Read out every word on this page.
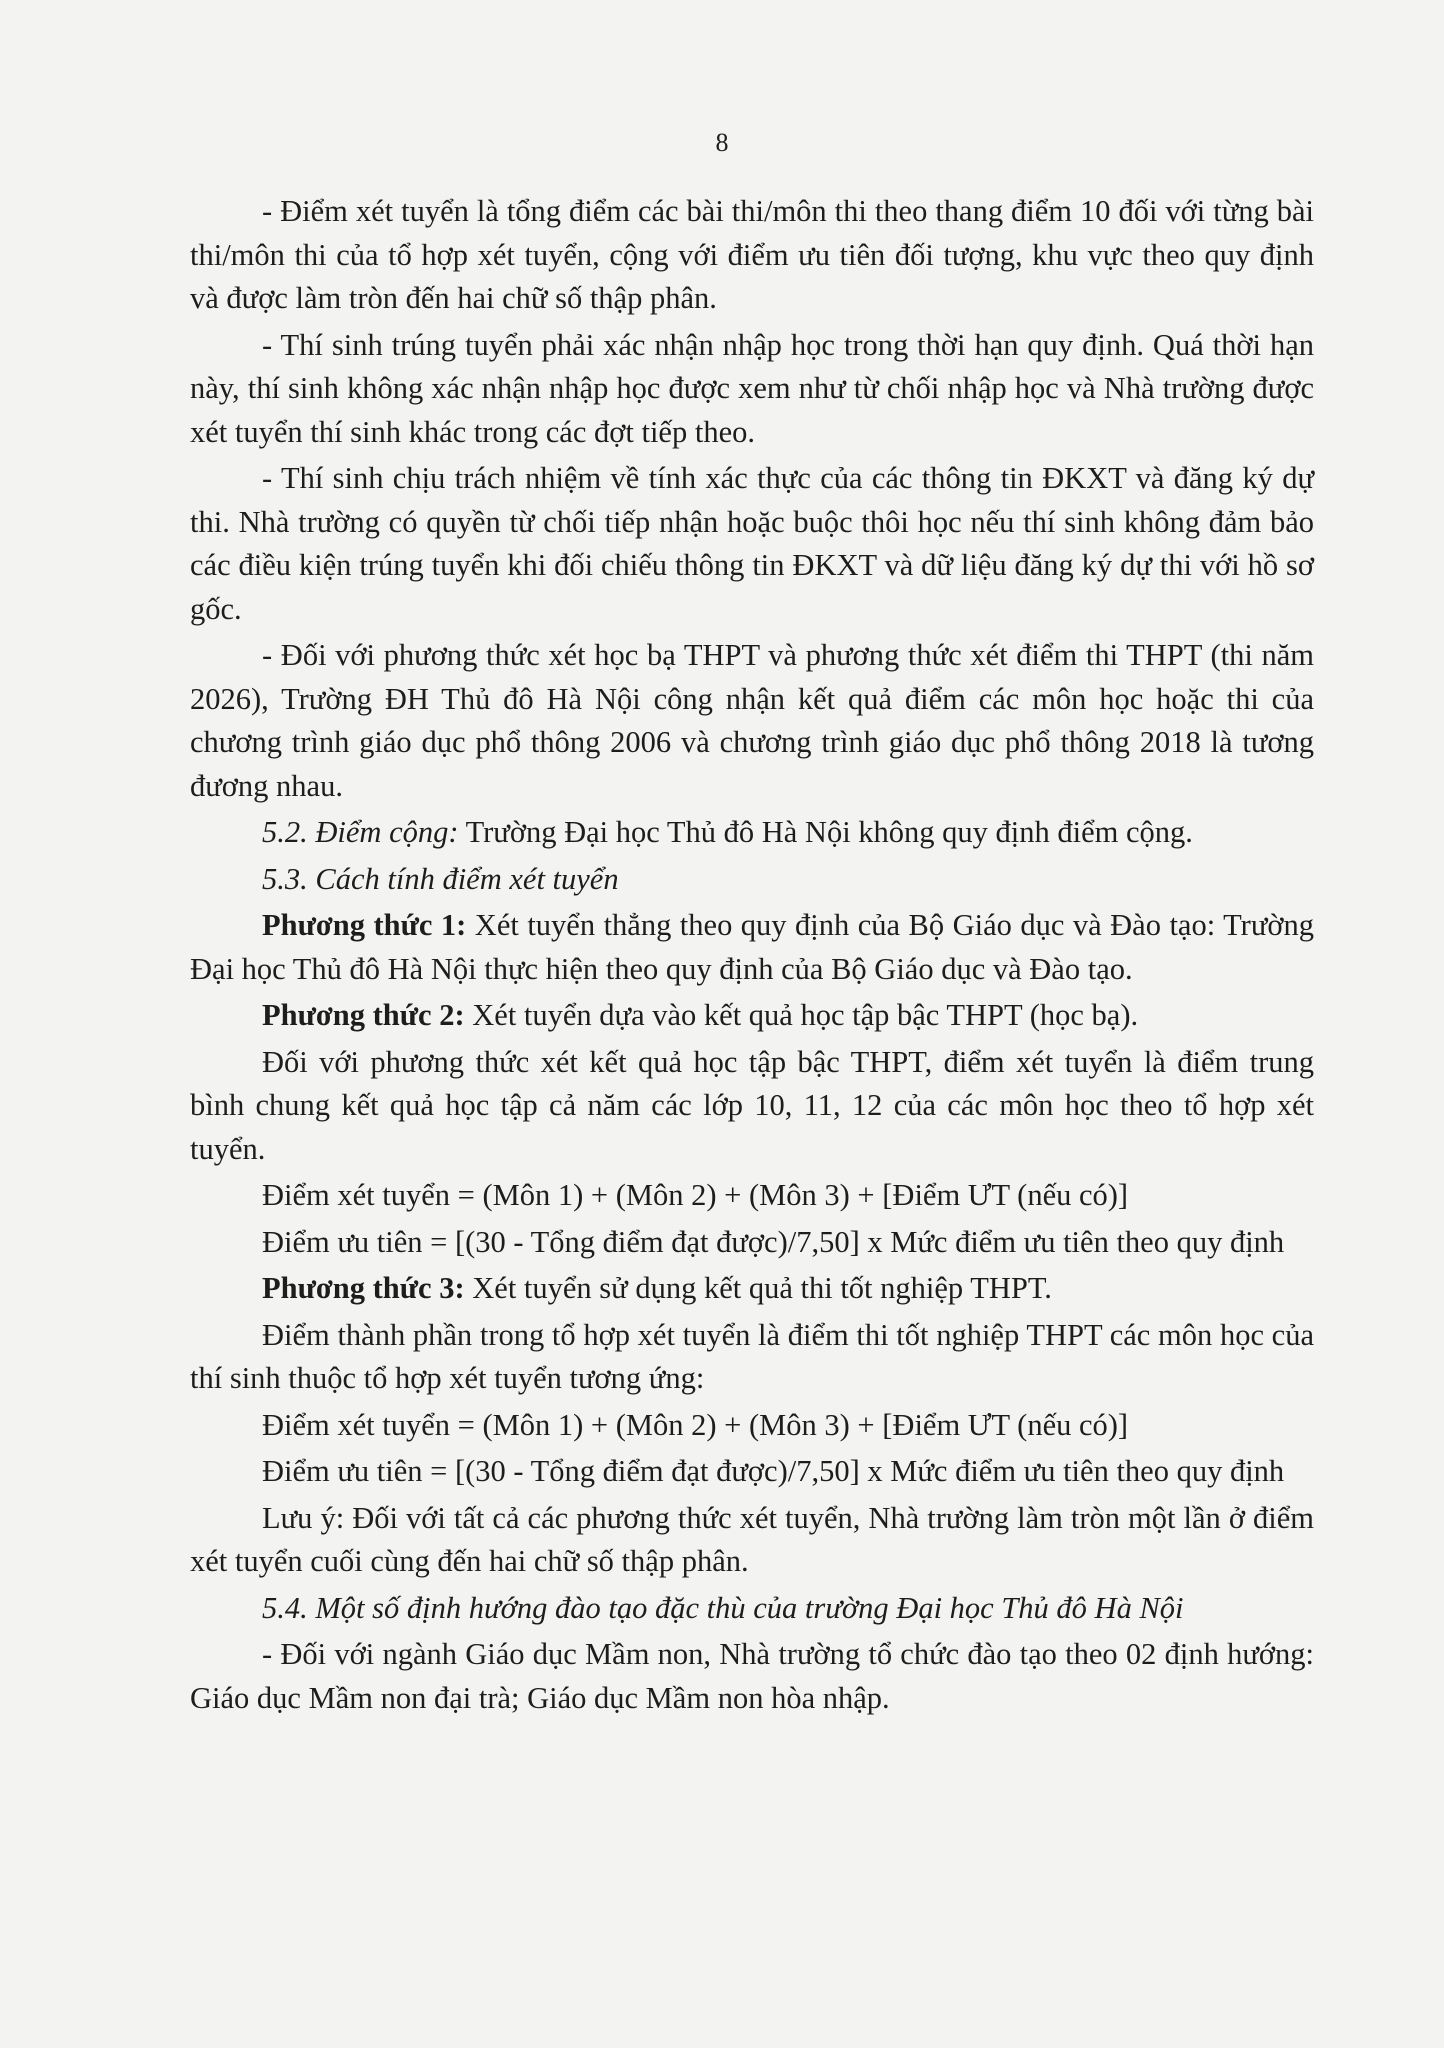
8

- Điểm xét tuyển là tổng điểm các bài thi/môn thi theo thang điểm 10 đối với từng bài thi/môn thi của tổ hợp xét tuyển, cộng với điểm ưu tiên đối tượng, khu vực theo quy định và được làm tròn đến hai chữ số thập phân.

- Thí sinh trúng tuyển phải xác nhận nhập học trong thời hạn quy định. Quá thời hạn này, thí sinh không xác nhận nhập học được xem như từ chối nhập học và Nhà trường được xét tuyển thí sinh khác trong các đợt tiếp theo.

- Thí sinh chịu trách nhiệm về tính xác thực của các thông tin ĐKXT và đăng ký dự thi. Nhà trường có quyền từ chối tiếp nhận hoặc buộc thôi học nếu thí sinh không đảm bảo các điều kiện trúng tuyển khi đối chiếu thông tin ĐKXT và dữ liệu đăng ký dự thi với hồ sơ gốc.

- Đối với phương thức xét học bạ THPT và phương thức xét điểm thi THPT (thi năm 2026), Trường ĐH Thủ đô Hà Nội công nhận kết quả điểm các môn học hoặc thi của chương trình giáo dục phổ thông 2006 và chương trình giáo dục phổ thông 2018 là tương đương nhau.

5.2. Điểm cộng: Trường Đại học Thủ đô Hà Nội không quy định điểm cộng.

5.3. Cách tính điểm xét tuyển

Phương thức 1: Xét tuyển thẳng theo quy định của Bộ Giáo dục và Đào tạo: Trường Đại học Thủ đô Hà Nội thực hiện theo quy định của Bộ Giáo dục và Đào tạo.

Phương thức 2: Xét tuyển dựa vào kết quả học tập bậc THPT (học bạ).

Đối với phương thức xét kết quả học tập bậc THPT, điểm xét tuyển là điểm trung bình chung kết quả học tập cả năm các lớp 10, 11, 12 của các môn học theo tổ hợp xét tuyển.

Điểm xét tuyển = (Môn 1) + (Môn 2) + (Môn 3) + [Điểm ƯT (nếu có)]

Điểm ưu tiên = [(30 - Tổng điểm đạt được)/7,50] x Mức điểm ưu tiên theo quy định

Phương thức 3: Xét tuyển sử dụng kết quả thi tốt nghiệp THPT.

Điểm thành phần trong tổ hợp xét tuyển là điểm thi tốt nghiệp THPT các môn học của thí sinh thuộc tổ hợp xét tuyển tương ứng:

Điểm xét tuyển = (Môn 1) + (Môn 2) + (Môn 3) + [Điểm ƯT (nếu có)]

Điểm ưu tiên = [(30 - Tổng điểm đạt được)/7,50] x Mức điểm ưu tiên theo quy định

Lưu ý: Đối với tất cả các phương thức xét tuyển, Nhà trường làm tròn một lần ở điểm xét tuyển cuối cùng đến hai chữ số thập phân.

5.4. Một số định hướng đào tạo đặc thù của trường Đại học Thủ đô Hà Nội

- Đối với ngành Giáo dục Mầm non, Nhà trường tổ chức đào tạo theo 02 định hướng: Giáo dục Mầm non đại trà; Giáo dục Mầm non hòa nhập.
